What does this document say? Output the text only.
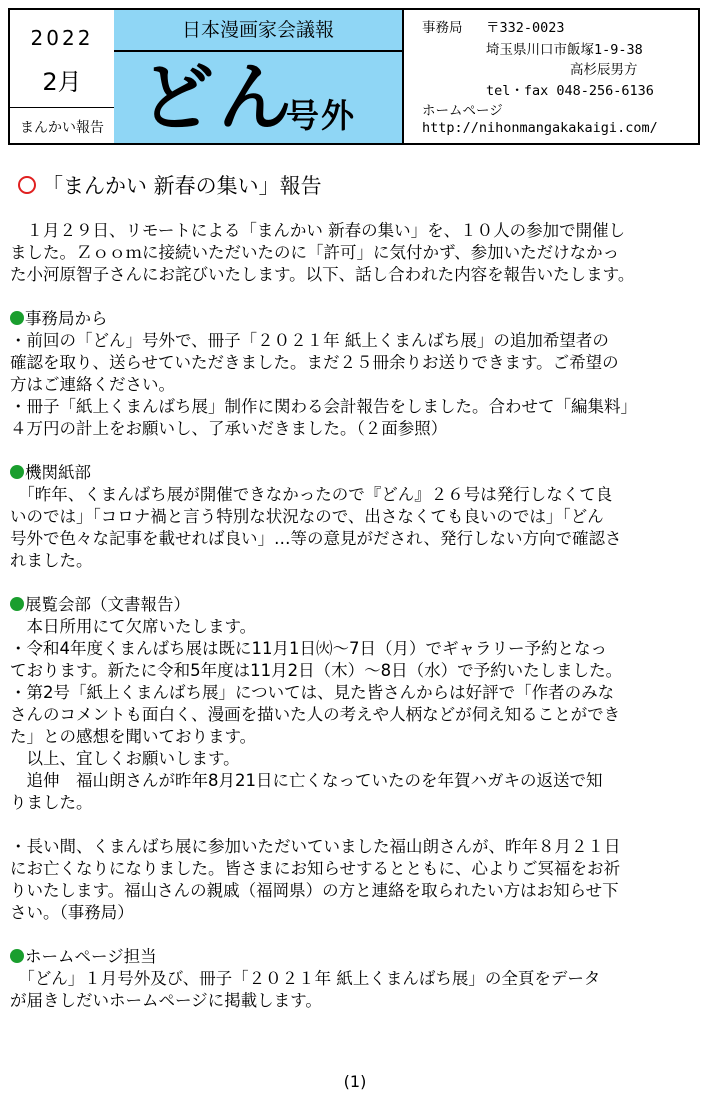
2022
2月
まんかい報告
日本漫画家会議報
どん
号外
事務局 〒332-0023
埼玉県川口市飯塚1-9-38
高杉辰男方
tel・fax 048-256-6136
ホームページ
http://nihonmangakakaigi.com/
「まんかい 新春の集い」報告
　１月２９日、リモートによる「まんかい 新春の集い」を、１０人の参加で開催し
ました。Ｚｏｏｍに接続いただいたのに「許可」に気付かず、参加いただけなかっ
た小河原智子さんにお詫びいたします。以下、話し合われた内容を報告いたします。
事務局から
・前回の「どん」号外で、冊子「２０２１年 紙上くまんばち展」の追加希望者の
確認を取り、送らせていただきました。まだ２５冊余りお送りできます。ご希望の
方はご連絡ください。
・冊子「紙上くまんばち展」制作に関わる会計報告をしました。合わせて「編集料」
４万円の計上をお願いし、了承いだきました。（２面参照）
機関紙部
　「昨年、くまんばち展が開催できなかったので『どん』２６号は発行しなくて良
いのでは」「コロナ禍と言う特別な状況なので、出さなくても良いのでは」「どん
号外で色々な記事を載せれば良い」…等の意見がだされ、発行しない方向で確認さ
れました。
展覧会部（文書報告）
　本日所用にて欠席いたします。
・令和4年度くまんばち展は既に11月1日㈫～7日（月）でギャラリー予約となっ
ております。新たに令和5年度は11月2日（木）～8日（水）で予約いたしました。
・第2号「紙上くまんばち展」については、見た皆さんからは好評で「作者のみな
さんのコメントも面白く、漫画を描いた人の考えや人柄などが伺え知ることができ
た」との感想を聞いております。
　以上、宜しくお願いします。
　追伸　福山朗さんが昨年8月21日に亡くなっていたのを年賀ハガキの返送で知
りました。
・長い間、くまんばち展に参加いただいていました福山朗さんが、昨年８月２１日
にお亡くなりになりました。皆さまにお知らせするとともに、心よりご冥福をお祈
りいたします。福山さんの親戚（福岡県）の方と連絡を取られたい方はお知らせ下
さい。（事務局）
ホームページ担当
　「どん」１月号外及び、冊子「２０２１年 紙上くまんばち展」の全頁をデータ
が届きしだいホームページに掲載します。
(1)
